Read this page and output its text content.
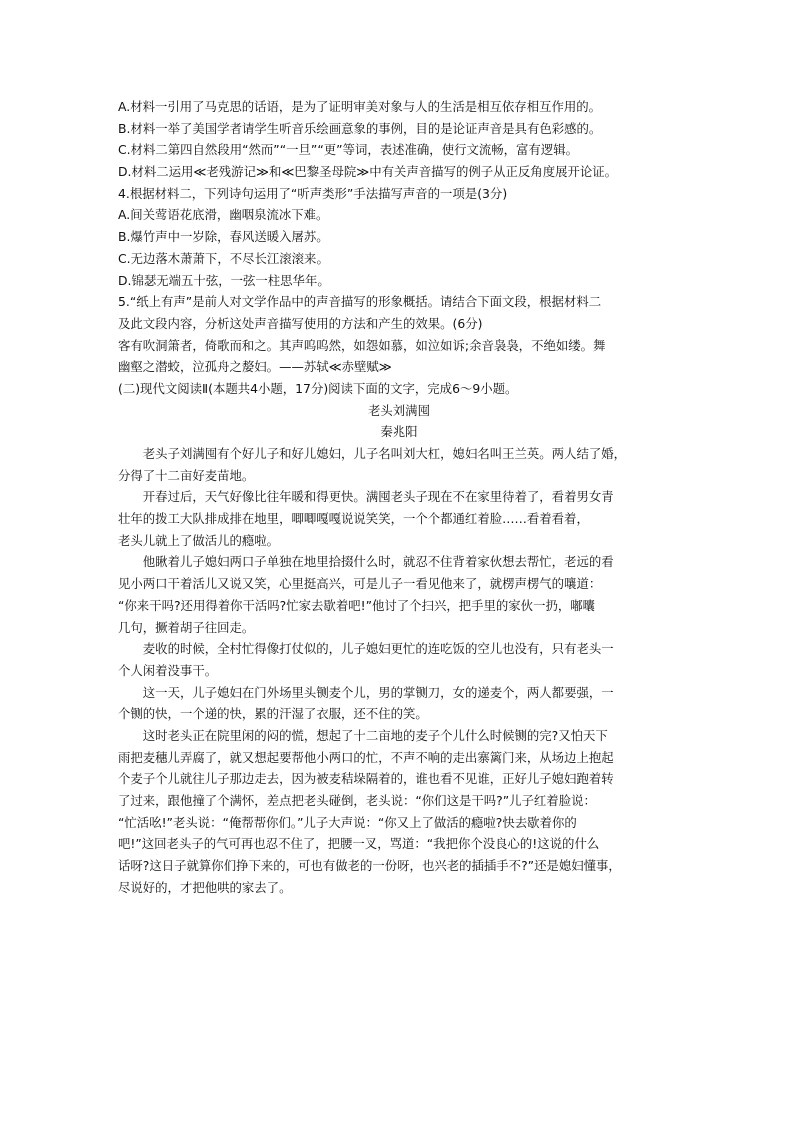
A.材料一引用了马克思的话语，是为了证明审美对象与人的生活是相互依存相互作用的。
B.材料一举了美国学者请学生听音乐绘画意象的事例，目的是论证声音是具有色彩感的。
C.材料二第四自然段用“然而”“一旦”“更”等词，表述准确，使行文流畅，富有逻辑。
D.材料二运用≪老残游记≫和≪巴黎圣母院≫中有关声音描写的例子从正反角度展开论证。
4.根据材料二，下列诗句运用了“听声类形”手法描写声音的一项是(3分)
A.间关莺语花底滑，幽咽泉流冰下难。
B.爆竹声中一岁除，春风送暖入屠苏。
C.无边落木萧萧下，不尽长江滚滚来。
D.锦瑟无端五十弦，一弦一柱思华年。
5.“纸上有声”是前人对文学作品中的声音描写的形象概括。请结合下面文段，根据材料二
及此文段内容，分析这处声音描写使用的方法和产生的效果。(6分)
客有吹洞箫者，倚歌而和之。其声呜呜然，如怨如慕，如泣如诉;余音袅袅，不绝如缕。舞
幽壑之潜蛟，泣孤舟之嫠妇。——苏轼≪赤壁赋≫
(二)现代文阅读Ⅱ(本题共4小题，17分)阅读下面的文字，完成6～9小题。
老头刘满囤
秦兆阳
老头子刘满囤有个好儿子和好儿媳妇，儿子名叫刘大杠，媳妇名叫王兰英。两人结了婚，
分得了十二亩好麦苗地。
开春过后，天气好像比往年暖和得更快。满囤老头子现在不在家里待着了，看着男女青
壮年的拨工大队排成排在地里，唧唧嘎嘎说说笑笑，一个个都通红着脸……看着看着，
老头儿就上了做活儿的瘾啦。
他瞅着儿子媳妇两口子单独在地里拾掇什么时，就忍不住背着家伙想去帮忙，老远的看
见小两口干着活儿又说又笑，心里挺高兴，可是儿子一看见他来了，就楞声楞气的嚷道：
“你来干吗?还用得着你干活吗?忙家去歇着吧!”他讨了个扫兴，把手里的家伙一扔，嘟囔
几句，撅着胡子往回走。
麦收的时候，全村忙得像打仗似的，儿子媳妇更忙的连吃饭的空儿也没有，只有老头一
个人闲着没事干。
这一天，儿子媳妇在门外场里头铡麦个儿，男的掌铡刀，女的递麦个，两人都要强，一
个铡的快，一个递的快，累的汗湿了衣服，还不住的笑。
这时老头正在院里闲的闷的慌，想起了十二亩地的麦子个儿什么时候铡的完?又怕天下
雨把麦穗儿弄腐了，就又想起要帮他小两口的忙，不声不响的走出寨篱门来，从场边上抱起
个麦子个儿就往儿子那边走去，因为被麦秸垛隔着的，谁也看不见谁，正好儿子媳妇跑着转
了过来，跟他撞了个满怀，差点把老头碰倒，老头说：“你们这是干吗?”儿子红着脸说：
“忙活吆!”老头说：“俺帮帮你们。”儿子大声说：“你又上了做活的瘾啦?快去歇着你的
吧!”这回老头子的气可再也忍不住了，把腰一叉，骂道：“我把你个没良心的!这说的什么
话呀?这日子就算你们挣下来的，可也有做老的一份呀，也兴老的插插手不?”还是媳妇懂事，
尽说好的，才把他哄的家去了。
